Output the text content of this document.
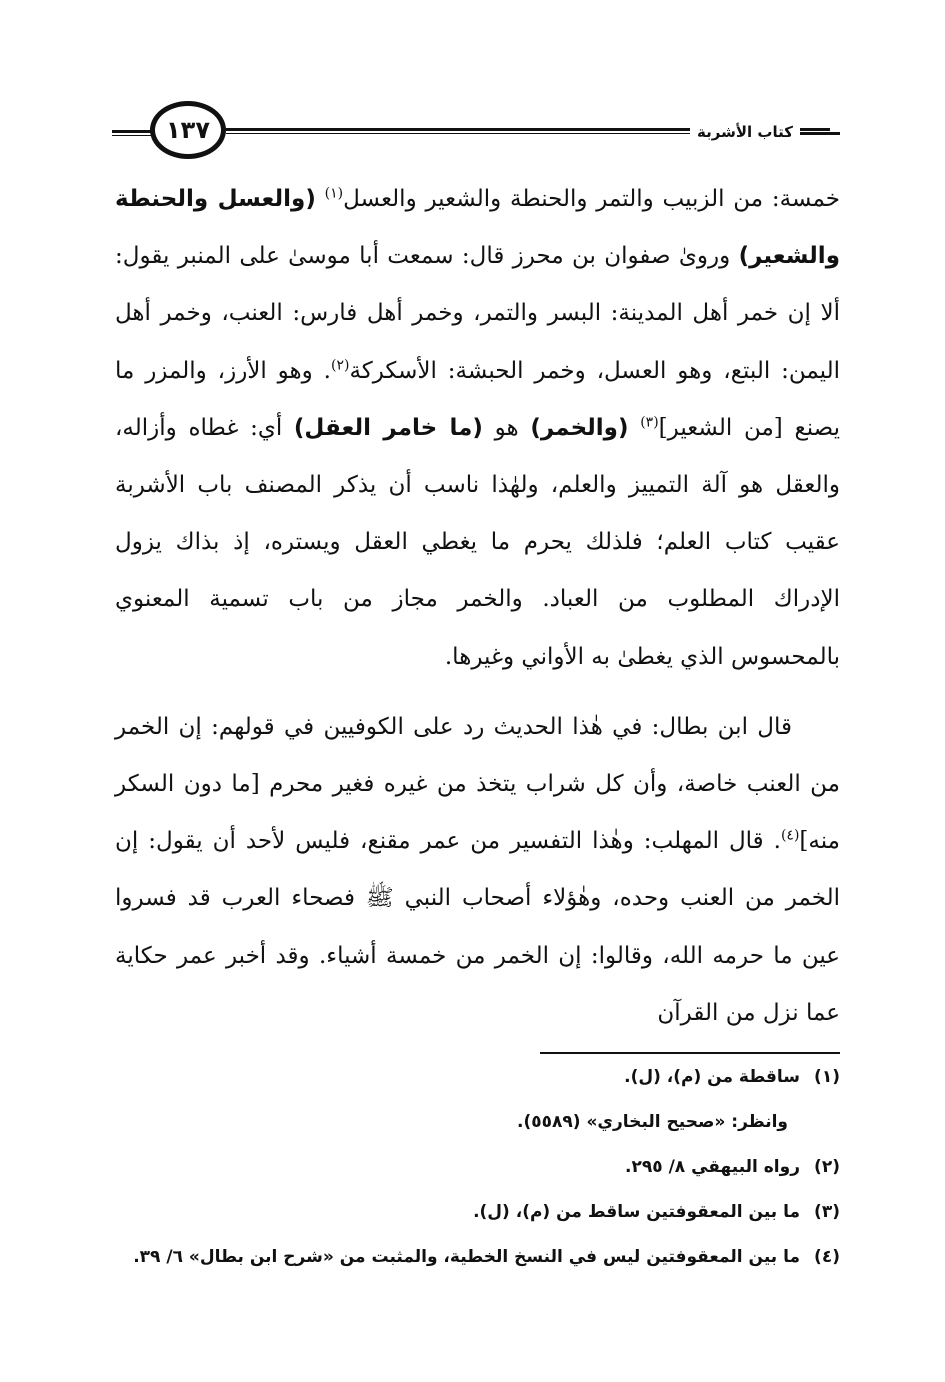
١٣٧	كتاب الأشربة

خمسة: من الزبيب والتمر والحنطة والشعير والعسل$^{(١)}$ (والعسل والحنطة والشعير) وروىٰ صفوان بن محرز قال: سمعت أبا موسىٰ على المنبر يقول: ألا إن خمر أهل المدينة: البسر والتمر، وخمر أهل فارس: العنب، وخمر أهل اليمن: البتع، وهو العسل، وخمر الحبشة: الأسكركة$^{(٢)}$. وهو الأرز، والمزر ما يصنع [من الشعير]$^{(٣)}$ (والخمر) هو (ما خامر العقل) أي: غطاه وأزاله، والعقل هو آلة التمييز والعلم، ولهٰذا ناسب أن يذكر المصنف باب الأشربة عقيب كتاب العلم؛ فلذلك يحرم ما يغطي العقل ويستره، إذ بذاك يزول الإدراك المطلوب من العباد. والخمر مجاز من باب تسمية المعنوي بالمحسوس الذي يغطىٰ به الأواني وغيرها.

قال ابن بطال: في هٰذا الحديث رد على الكوفيين في قولهم: إن الخمر من العنب خاصة، وأن كل شراب يتخذ من غيره فغير محرم [ما دون السكر منه]$^{(٤)}$. قال المهلب: وهٰذا التفسير من عمر مقنع، فليس لأحد أن يقول: إن الخمر من العنب وحده، وهٰؤلاء أصحاب النبي ﷺ فصحاء العرب قد فسروا عين ما حرمه الله، وقالوا: إن الخمر من خمسة أشياء. وقد أخبر عمر حكاية عما نزل من القرآن

(١)ساقطة من (م)، (ل).
وانظر: «صحيح البخاري» (٥٥٨٩).
(٢)رواه البيهقي ٨/ ٢٩٥.
(٣)ما بين المعقوفتين ساقط من (م)، (ل).
(٤)ما بين المعقوفتين ليس في النسخ الخطية، والمثبت من «شرح ابن بطال» ٦/ ٣٩.
